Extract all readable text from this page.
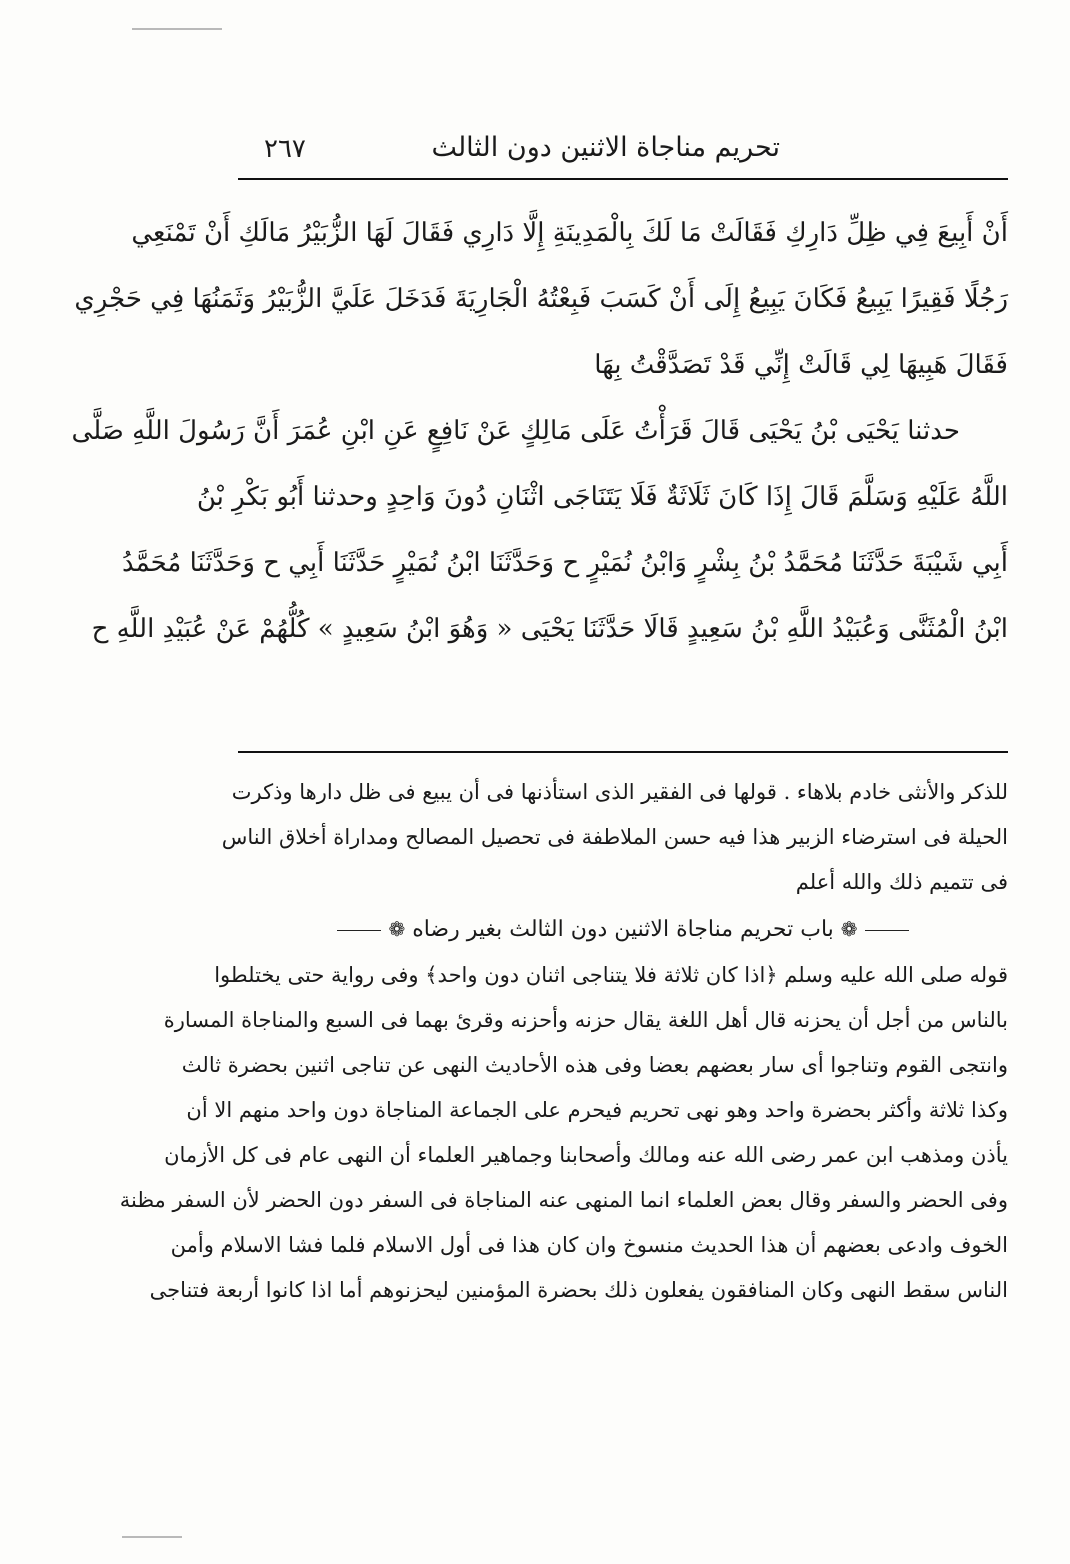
تحريم مناجاة الاثنين دون الثالث
٢٦٧
أَنْ أَبِيعَ فِي ظِلِّ دَارِكِ فَقَالَتْ مَا لَكَ بِالْمَدِينَةِ إِلَّا دَارِي فَقَالَ لَهَا الزُّبَيْرُ مَالَكِ أَنْ تَمْنَعِي
رَجُلًا فَقِيرًا يَبِيعُ فَكَانَ يَبِيعُ إِلَى أَنْ كَسَبَ فَبِعْتُهُ الْجَارِيَةَ فَدَخَلَ عَلَيَّ الزُّبَيْرُ وَثَمَنُهَا فِي حَجْرِي
فَقَالَ هَبِيهَا لِي قَالَتْ إِنِّي قَدْ تَصَدَّقْتُ بِهَا
حدثنا يَحْيَى بْنُ يَحْيَى قَالَ قَرَأْتُ عَلَى مَالِكٍ عَنْ نَافِعٍ عَنِ ابْنِ عُمَرَ أَنَّ رَسُولَ اللَّهِ صَلَّى
اللَّهُ عَلَيْهِ وَسَلَّمَ قَالَ إِذَا كَانَ ثَلَاثَةٌ فَلَا يَتَنَاجَى اثْنَانِ دُونَ وَاحِدٍ وحدثنا أَبُو بَكْرِ بْنُ
أَبِي شَيْبَةَ حَدَّثَنَا مُحَمَّدُ بْنُ بِشْرٍ وَابْنُ نُمَيْرٍ ح وَحَدَّثَنَا ابْنُ نُمَيْرٍ حَدَّثَنَا أَبِي ح وَحَدَّثَنَا مُحَمَّدُ
ابْنُ الْمُثَنَّى وَعُبَيْدُ اللَّهِ بْنُ سَعِيدٍ قَالَا حَدَّثَنَا يَحْيَى « وَهُوَ ابْنُ سَعِيدٍ » كُلُّهُمْ عَنْ عُبَيْدِ اللَّهِ ح
للذكر والأنثى خادم بلاهاء . قولها فى الفقير الذى استأذنها فى أن يبيع فى ظل دارها وذكرت
الحيلة فى استرضاء الزبير هذا فيه حسن الملاطفة فى تحصيل المصالح ومداراة أخلاق الناس
فى تتميم ذلك والله أعلم
❁ باب تحريم مناجاة الاثنين دون الثالث بغير رضاه ❁
قوله صلى الله عليه وسلم ﴿اذا كان ثلاثة فلا يتناجى اثنان دون واحد﴾ وفى رواية حتى يختلطوا
بالناس من أجل أن يحزنه قال أهل اللغة يقال حزنه وأحزنه وقرئ بهما فى السبع والمناجاة المسارة
وانتجى القوم وتناجوا أى سار بعضهم بعضا وفى هذه الأحاديث النهى عن تناجى اثنين بحضرة ثالث
وكذا ثلاثة وأكثر بحضرة واحد وهو نهى تحريم فيحرم على الجماعة المناجاة دون واحد منهم الا أن
يأذن ومذهب ابن عمر رضى الله عنه ومالك وأصحابنا وجماهير العلماء أن النهى عام فى كل الأزمان
وفى الحضر والسفر وقال بعض العلماء انما المنهى عنه المناجاة فى السفر دون الحضر لأن السفر مظنة
الخوف وادعى بعضهم أن هذا الحديث منسوخ وان كان هذا فى أول الاسلام فلما فشا الاسلام وأمن
الناس سقط النهى وكان المنافقون يفعلون ذلك بحضرة المؤمنين ليحزنوهم أما اذا كانوا أربعة فتناجى
